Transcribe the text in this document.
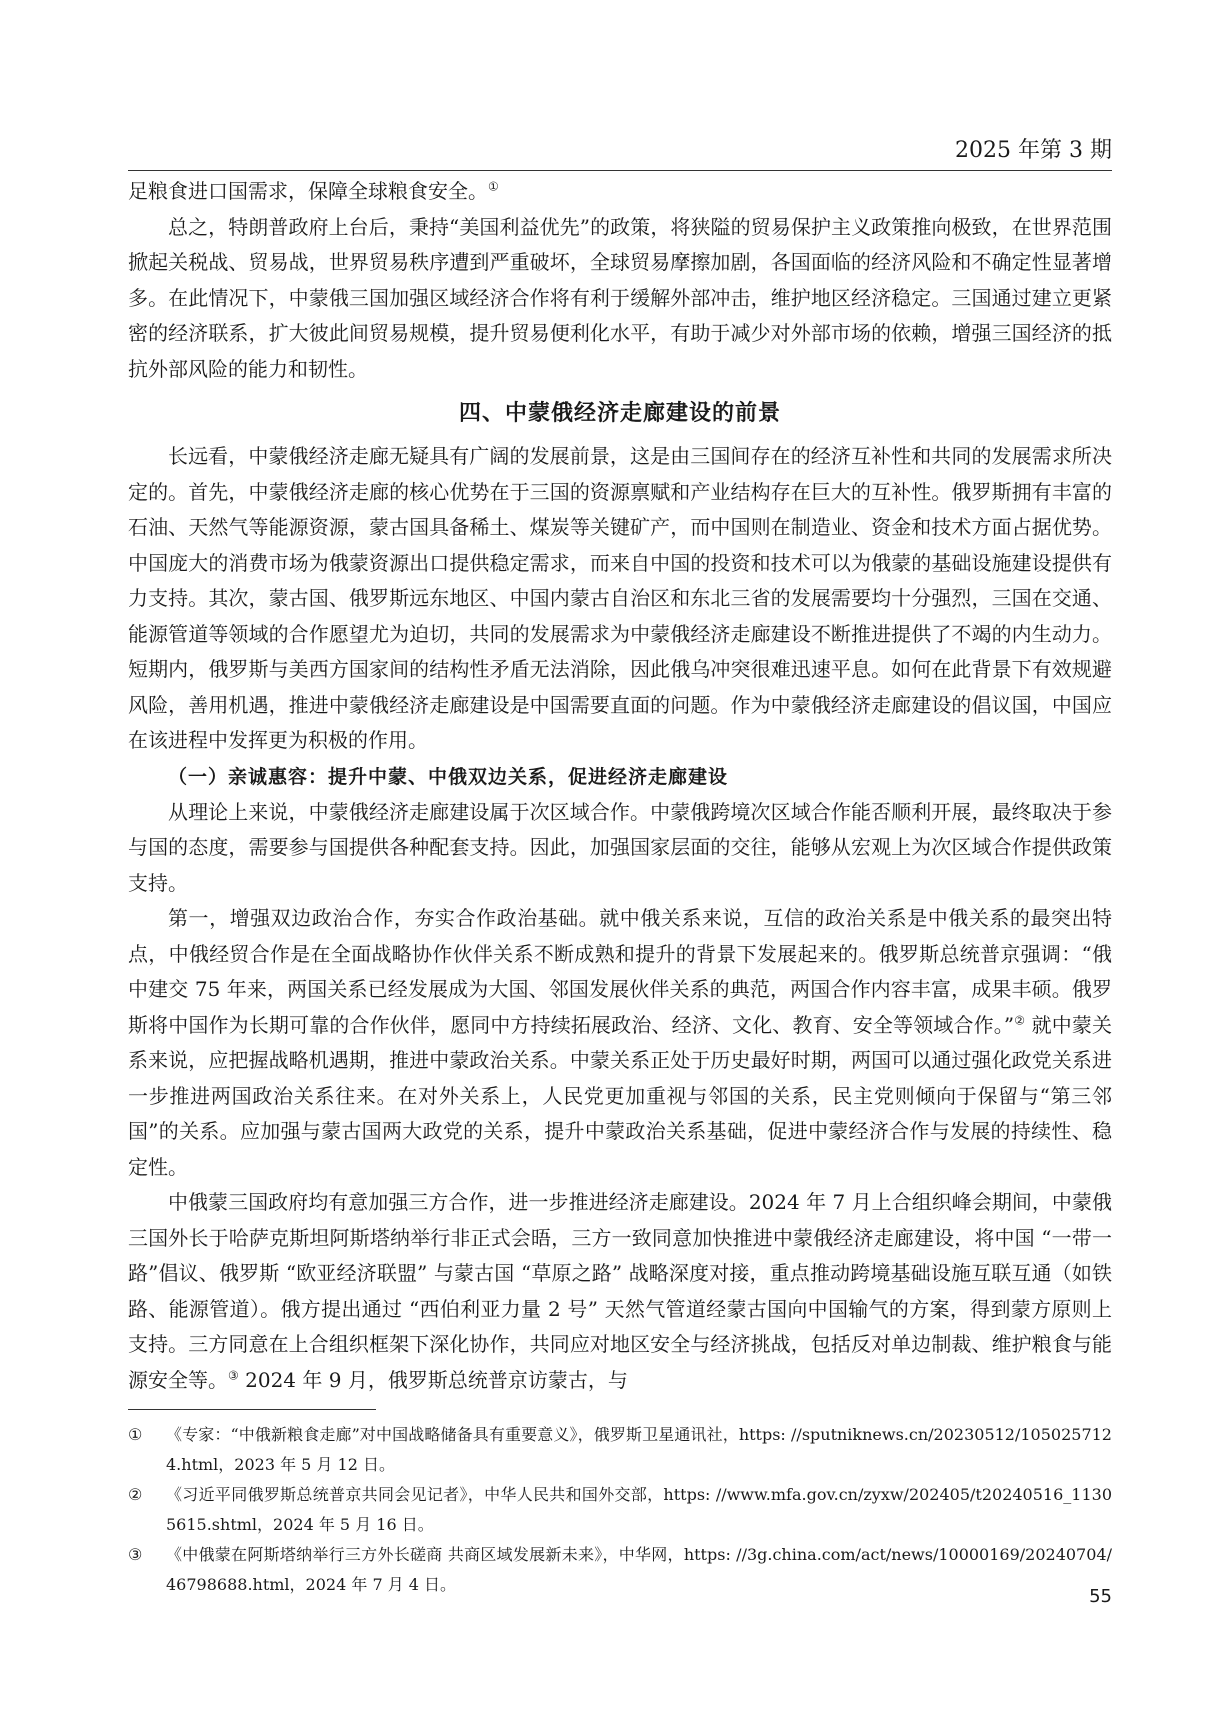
2025 年第 3 期

足粮食进口国需求，保障全球粮食安全。①

总之，特朗普政府上台后，秉持“美国利益优先”的政策，将狭隘的贸易保护主义政策推向极致，在世界范围掀起关税战、贸易战，世界贸易秩序遭到严重破坏，全球贸易摩擦加剧，各国面临的经济风险和不确定性显著增多。在此情况下，中蒙俄三国加强区域经济合作将有利于缓解外部冲击，维护地区经济稳定。三国通过建立更紧密的经济联系，扩大彼此间贸易规模，提升贸易便利化水平，有助于减少对外部市场的依赖，增强三国经济的抵抗外部风险的能力和韧性。

四、中蒙俄经济走廊建设的前景

长远看，中蒙俄经济走廊无疑具有广阔的发展前景，这是由三国间存在的经济互补性和共同的发展需求所决定的。首先，中蒙俄经济走廊的核心优势在于三国的资源禀赋和产业结构存在巨大的互补性。俄罗斯拥有丰富的石油、天然气等能源资源，蒙古国具备稀土、煤炭等关键矿产，而中国则在制造业、资金和技术方面占据优势。中国庞大的消费市场为俄蒙资源出口提供稳定需求，而来自中国的投资和技术可以为俄蒙的基础设施建设提供有力支持。其次，蒙古国、俄罗斯远东地区、中国内蒙古自治区和东北三省的发展需要均十分强烈，三国在交通、能源管道等领域的合作愿望尤为迫切，共同的发展需求为中蒙俄经济走廊建设不断推进提供了不竭的内生动力。短期内，俄罗斯与美西方国家间的结构性矛盾无法消除，因此俄乌冲突很难迅速平息。如何在此背景下有效规避风险，善用机遇，推进中蒙俄经济走廊建设是中国需要直面的问题。作为中蒙俄经济走廊建设的倡议国，中国应在该进程中发挥更为积极的作用。

（一）亲诚惠容：提升中蒙、中俄双边关系，促进经济走廊建设

从理论上来说，中蒙俄经济走廊建设属于次区域合作。中蒙俄跨境次区域合作能否顺利开展，最终取决于参与国的态度，需要参与国提供各种配套支持。因此，加强国家层面的交往，能够从宏观上为次区域合作提供政策支持。

第一，增强双边政治合作，夯实合作政治基础。就中俄关系来说，互信的政治关系是中俄关系的最突出特点，中俄经贸合作是在全面战略协作伙伴关系不断成熟和提升的背景下发展起来的。俄罗斯总统普京强调：“俄中建交 75 年来，两国关系已经发展成为大国、邻国发展伙伴关系的典范，两国合作内容丰富，成果丰硕。俄罗斯将中国作为长期可靠的合作伙伴，愿同中方持续拓展政治、经济、文化、教育、安全等领域合作。”② 就中蒙关系来说，应把握战略机遇期，推进中蒙政治关系。中蒙关系正处于历史最好时期，两国可以通过强化政党关系进一步推进两国政治关系往来。在对外关系上，人民党更加重视与邻国的关系，民主党则倾向于保留与“第三邻国”的关系。应加强与蒙古国两大政党的关系，提升中蒙政治关系基础，促进中蒙经济合作与发展的持续性、稳定性。

中俄蒙三国政府均有意加强三方合作，进一步推进经济走廊建设。2024 年 7 月上合组织峰会期间，中蒙俄三国外长于哈萨克斯坦阿斯塔纳举行非正式会晤，三方一致同意加快推进中蒙俄经济走廊建设，将中国 “一带一路”倡议、俄罗斯 “欧亚经济联盟” 与蒙古国 “草原之路” 战略深度对接，重点推动跨境基础设施互联互通（如铁路、能源管道）。俄方提出通过 “西伯利亚力量 2 号” 天然气管道经蒙古国向中国输气的方案，得到蒙方原则上支持。三方同意在上合组织框架下深化协作，共同应对地区安全与经济挑战，包括反对单边制裁、维护粮食与能源安全等。③ 2024 年 9 月，俄罗斯总统普京访蒙古，与

①	《专家：“中俄新粮食走廊”对中国战略储备具有重要意义》，俄罗斯卫星通讯社，https: //sputniknews.cn/20230512/1050257124.html，2023 年 5 月 12 日。

②	《习近平同俄罗斯总统普京共同会见记者》，中华人民共和国外交部，https: //www.mfa.gov.cn/zyxw/202405/t20240516_11305615.shtml，2024 年 5 月 16 日。

③	《中俄蒙在阿斯塔纳举行三方外长磋商 共商区域发展新未来》，中华网，https: //3g.china.com/act/news/10000169/20240704/46798688.html，2024 年 7 月 4 日。

55
